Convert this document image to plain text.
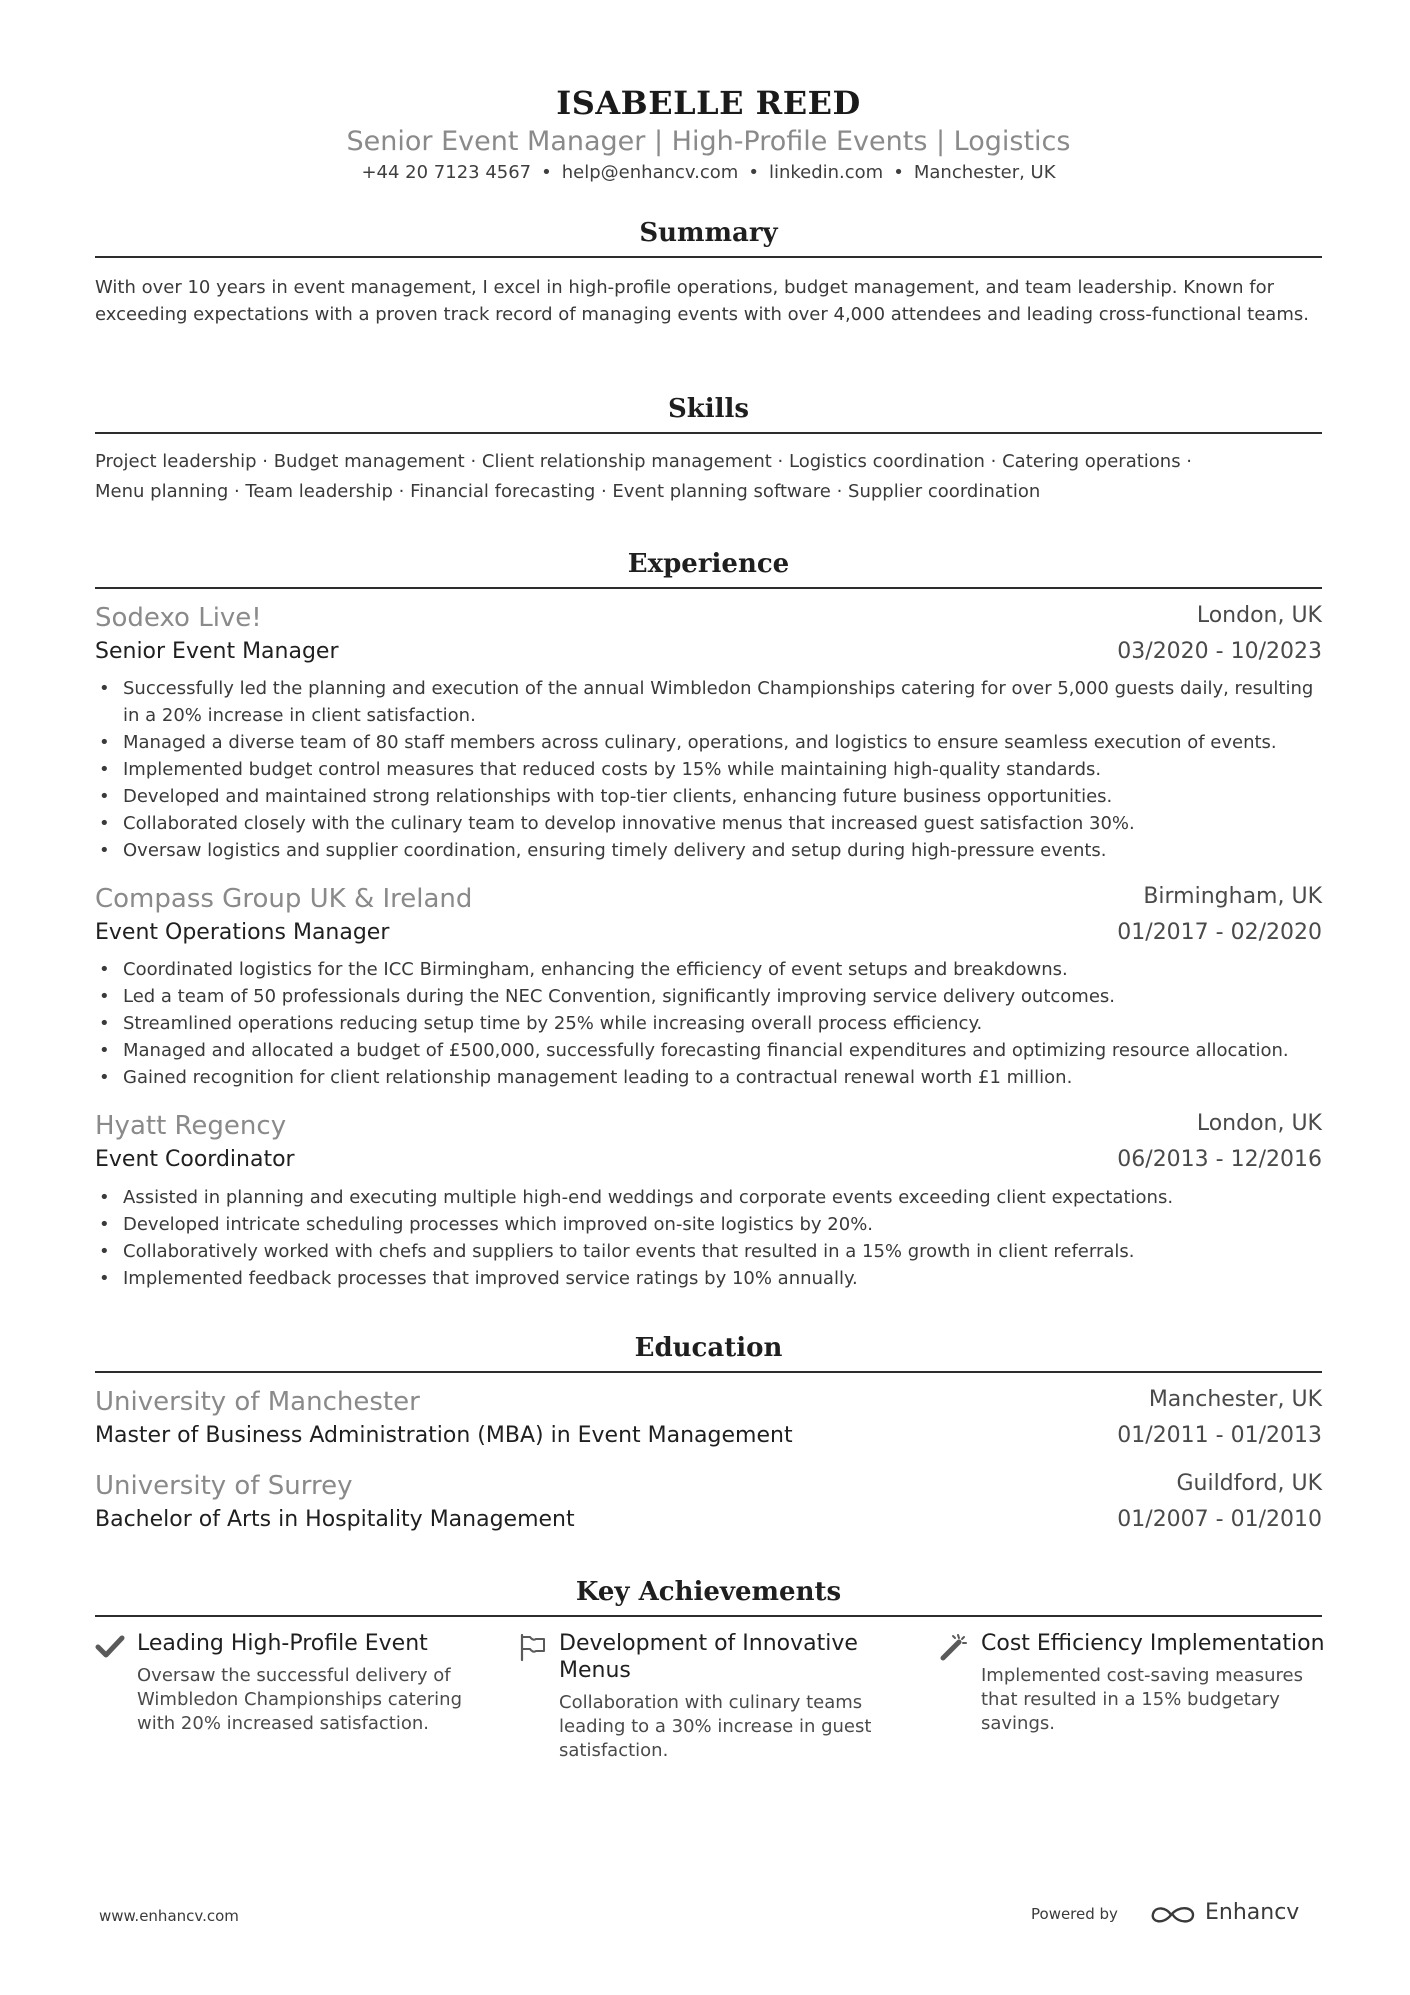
ISABELLE REED
Senior Event Manager | High-Profile Events | Logistics
+44 20 7123 4567 • help@enhancv.com • linkedin.com • Manchester, UK
Summary
With over 10 years in event management, I excel in high-profile operations, budget management, and team leadership. Known for exceeding expectations with a proven track record of managing events with over 4,000 attendees and leading cross-functional teams.
Skills
Project leadership · Budget management · Client relationship management · Logistics coordination · Catering operations ·
Menu planning · Team leadership · Financial forecasting · Event planning software · Supplier coordination
Experience
Sodexo Live!	London, UK
Senior Event Manager	03/2020 - 10/2023
• Successfully led the planning and execution of the annual Wimbledon Championships catering for over 5,000 guests daily, resulting in a 20% increase in client satisfaction.
• Managed a diverse team of 80 staff members across culinary, operations, and logistics to ensure seamless execution of events.
• Implemented budget control measures that reduced costs by 15% while maintaining high-quality standards.
• Developed and maintained strong relationships with top-tier clients, enhancing future business opportunities.
• Collaborated closely with the culinary team to develop innovative menus that increased guest satisfaction 30%.
• Oversaw logistics and supplier coordination, ensuring timely delivery and setup during high-pressure events.
Compass Group UK & Ireland	Birmingham, UK
Event Operations Manager	01/2017 - 02/2020
• Coordinated logistics for the ICC Birmingham, enhancing the efficiency of event setups and breakdowns.
• Led a team of 50 professionals during the NEC Convention, significantly improving service delivery outcomes.
• Streamlined operations reducing setup time by 25% while increasing overall process efficiency.
• Managed and allocated a budget of £500,000, successfully forecasting financial expenditures and optimizing resource allocation.
• Gained recognition for client relationship management leading to a contractual renewal worth £1 million.
Hyatt Regency	London, UK
Event Coordinator	06/2013 - 12/2016
• Assisted in planning and executing multiple high-end weddings and corporate events exceeding client expectations.
• Developed intricate scheduling processes which improved on-site logistics by 20%.
• Collaboratively worked with chefs and suppliers to tailor events that resulted in a 15% growth in client referrals.
• Implemented feedback processes that improved service ratings by 10% annually.
Education
University of Manchester	Manchester, UK
Master of Business Administration (MBA) in Event Management	01/2011 - 01/2013
University of Surrey	Guildford, UK
Bachelor of Arts in Hospitality Management	01/2007 - 01/2010
Key Achievements
Leading High-Profile Event
Oversaw the successful delivery of Wimbledon Championships catering with 20% increased satisfaction.
Development of Innovative Menus
Collaboration with culinary teams leading to a 30% increase in guest satisfaction.
Cost Efficiency Implementation
Implemented cost-saving measures that resulted in a 15% budgetary savings.
www.enhancv.com	Powered by	Enhancv
